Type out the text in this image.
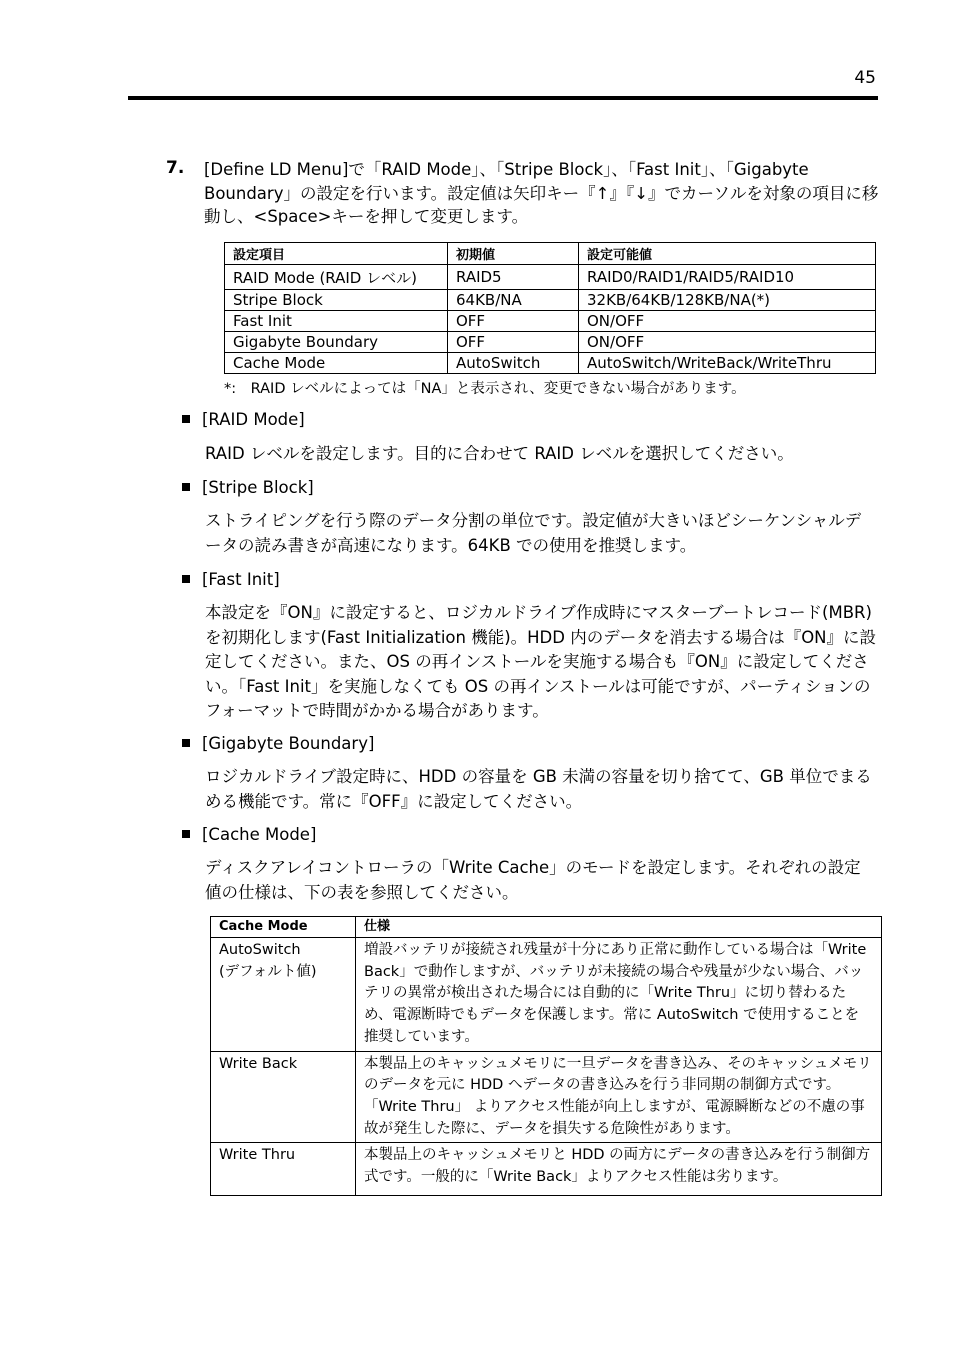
45
7. [Define LD Menu]で「RAID Mode」、「Stripe Block」、「Fast Init」、「Gigabyte Boundary」の設定を行います。設定値は矢印キー『↑』『↓』でカーソルを対象の項目に移動し、<Space>キーを押して変更します。
設定項目	初期値	設定可能値
RAID Mode (RAID レベル)	RAID5	RAID0/RAID1/RAID5/RAID10
Stripe Block	64KB/NA	32KB/64KB/128KB/NA(*)
Fast Init	OFF	ON/OFF
Gigabyte Boundary	OFF	ON/OFF
Cache Mode	AutoSwitch	AutoSwitch/WriteBack/WriteThru
*:　RAID レベルによっては「NA」と表示され、変更できない場合があります。
[RAID Mode]
RAID レベルを設定します。目的に合わせて RAID レベルを選択してください。
[Stripe Block]
ストライピングを行う際のデータ分割の単位です。設定値が大きいほどシーケンシャルデータの読み書きが高速になります。64KB での使用を推奨します。
[Fast Init]
本設定を『ON』に設定すると、ロジカルドライブ作成時にマスターブートレコード(MBR)を初期化します(Fast Initialization 機能)。HDD 内のデータを消去する場合は『ON』に設定してください。また、OS の再インストールを実施する場合も『ON』に設定してください。「Fast Init」を実施しなくても OS の再インストールは可能ですが、パーティションのフォーマットで時間がかかる場合があります。
[Gigabyte Boundary]
ロジカルドライブ設定時に、HDD の容量を GB 未満の容量を切り捨てて、GB 単位でまるめる機能です。常に『OFF』に設定してください。
[Cache Mode]
ディスクアレイコントローラの「Write Cache」のモードを設定します。それぞれの設定値の仕様は、下の表を参照してください。
Cache Mode	仕様
AutoSwitch
(デフォルト値)	増設バッテリが接続され残量が十分にあり正常に動作している場合は「Write Back」で動作しますが、バッテリが未接続の場合や残量が少ない場合、バッテリの異常が検出された場合には自動的に「Write Thru」に切り替わるため、電源断時でもデータを保護します。常に AutoSwitch で使用することを推奨しています。
Write Back	本製品上のキャッシュメモリに一旦データを書き込み、そのキャッシュメモリのデータを元に HDD へデータの書き込みを行う非同期の制御方式です。「Write Thru」 よりアクセス性能が向上しますが、電源瞬断などの不慮の事故が発生した際に、データを損失する危険性があります。
Write Thru	本製品上のキャッシュメモリと HDD の両方にデータの書き込みを行う制御方式です。一般的に「Write Back」よりアクセス性能は劣ります。
